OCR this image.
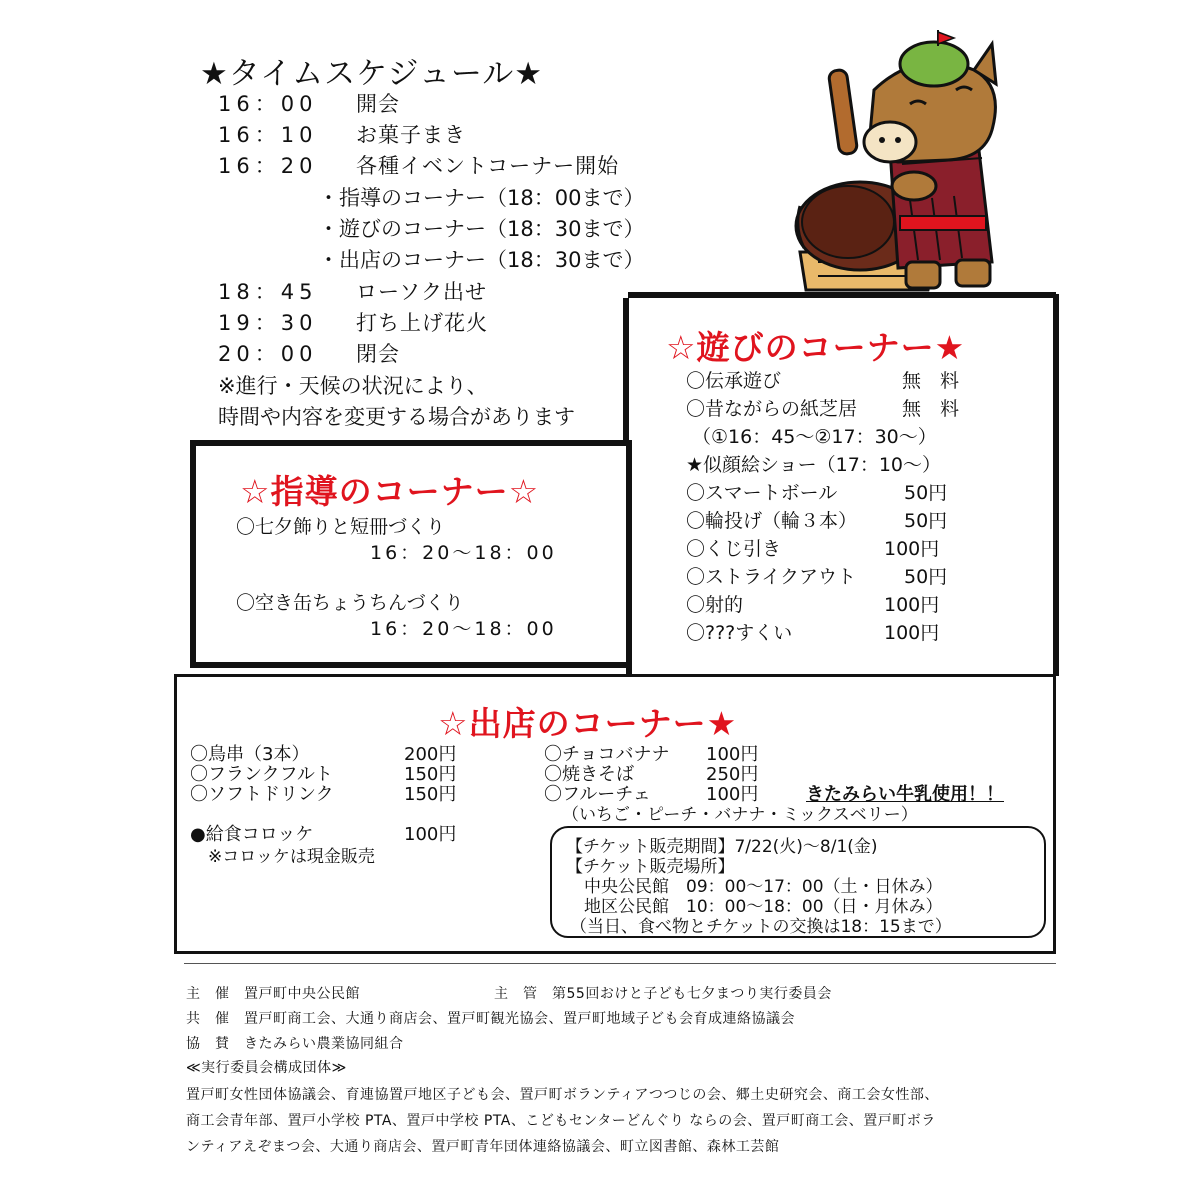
★タイムスケジュール★
16：00 開会
16：10 お菓子まき
16：20 各種イベントコーナー開始
・指導のコーナー（18：00まで）
・遊びのコーナー（18：30まで）
・出店のコーナー（18：30まで）
18：45 ローソク出せ
19：30 打ち上げ花火
20：00 閉会
※進行・天候の状況により、
時間や内容を変更する場合があります
☆遊びのコーナー★
〇伝承遊び	無　料
〇昔ながらの紙芝居 無　料
（①16：45～②17：30～）
★似顔絵ショー（17：10～）
〇スマートボール	50円
〇輪投げ（輪３本） 50円
〇くじ引き	100円
〇ストライクアウト	50円
〇射的	100円
〇???すくい	100円
☆指導のコーナー☆
〇七夕飾りと短冊づくり
16：20～18：00
〇空き缶ちょうちんづくり
16：20～18：00
☆出店のコーナー★
〇鳥串（3本）	200円
〇フランクフルト	150円
〇ソフトドリンク	150円
〇チョコバナナ 100円
〇焼きそば	250円
〇フルーチェ	100円	きたみらい牛乳使用！！
（いちご・ピーチ・バナナ・ミックスベリー）
●給食コロッケ	100円
※コロッケは現金販売	【チケット販売期間】7/22(火)～8/1(金)
【チケット販売場所】
中央公民館　09：00～17：00（土・日休み）
地区公民館　10：00～18：00（日・月休み）
（当日、食べ物とチケットの交換は18：15まで）
主　催　置戸町中央公民館	主　管　第55回おけと子ども七夕まつり実行委員会
共　催　置戸町商工会、大通り商店会、置戸町観光協会、置戸町地域子ども会育成連絡協議会
協　賛　きたみらい農業協同組合
≪実行委員会構成団体≫
置戸町女性団体協議会、育連協置戸地区子ども会、置戸町ボランティアつつじの会、郷土史研究会、商工会女性部、
商工会青年部、置戸小学校 PTA、置戸中学校 PTA、こどもセンターどんぐり ならの会、置戸町商工会、置戸町ボラ
ンティアえぞまつ会、大通り商店会、置戸町青年団体連絡協議会、町立図書館、森林工芸館
